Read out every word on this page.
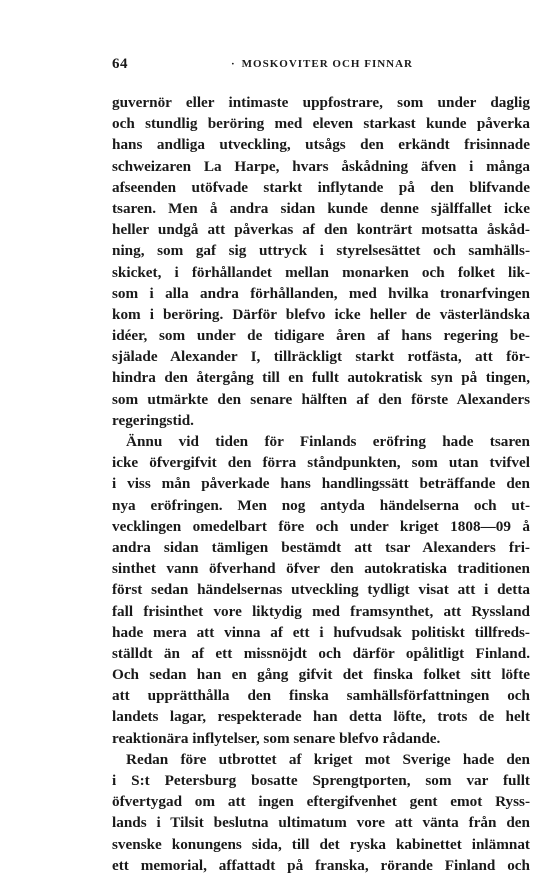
64	· MOSKOVITER OCH FINNAR
guvernör eller intimaste uppfostrare, som under daglig
och stundlig beröring med eleven starkast kunde påverka
hans andliga utveckling, utsågs den erkändt frisinnade
schweizaren La Harpe, hvars åskådning äfven i många
afseenden utöfvade starkt inflytande på den blifvande
tsaren. Men å andra sidan kunde denne själffallet icke
heller undgå att påverkas af den konträrt motsatta åskåd-
ning, som gaf sig uttryck i styrelsesättet och samhälls-
skicket, i förhållandet mellan monarken och folket lik-
som i alla andra förhållanden, med hvilka tronarfvingen
kom i beröring. Därför blefvo icke heller de västerländska
idéer, som under de tidigare åren af hans regering be-
själade Alexander I, tillräckligt starkt rotfästa, att för-
hindra den återgång till en fullt autokratisk syn på tingen,
som utmärkte den senare hälften af den förste Alexanders
regeringstid.
Ännu vid tiden för Finlands eröfring hade tsaren
icke öfvergifvit den förra ståndpunkten, som utan tvifvel
i viss mån påverkade hans handlingssätt beträffande den
nya eröfringen. Men nog antyda händelserna och ut-
vecklingen omedelbart före och under kriget 1808—09 å
andra sidan tämligen bestämdt att tsar Alexanders fri-
sinthet vann öfverhand öfver den autokratiska traditionen
först sedan händelsernas utveckling tydligt visat att i detta
fall frisinthet vore liktydig med framsynthet, att Ryssland
hade mera att vinna af ett i hufvudsak politiskt tillfreds-
ställdt än af ett missnöjdt och därför opålitligt Finland.
Och sedan han en gång gifvit det finska folket sitt löfte
att upprätthålla den finska samhällsförfattningen och
landets lagar, respekterade han detta löfte, trots de helt
reaktionära inflytelser, som senare blefvo rådande.
Redan före utbrottet af kriget mot Sverige hade den
i S:t Petersburg bosatte Sprengtporten, som var fullt
öfvertygad om att ingen eftergifvenhet gent emot Ryss-
lands i Tilsit beslutna ultimatum vore att vänta från den
svenske konungens sida, till det ryska kabinettet inlämnat
ett memorial, affattadt på franska, rörande Finland och
